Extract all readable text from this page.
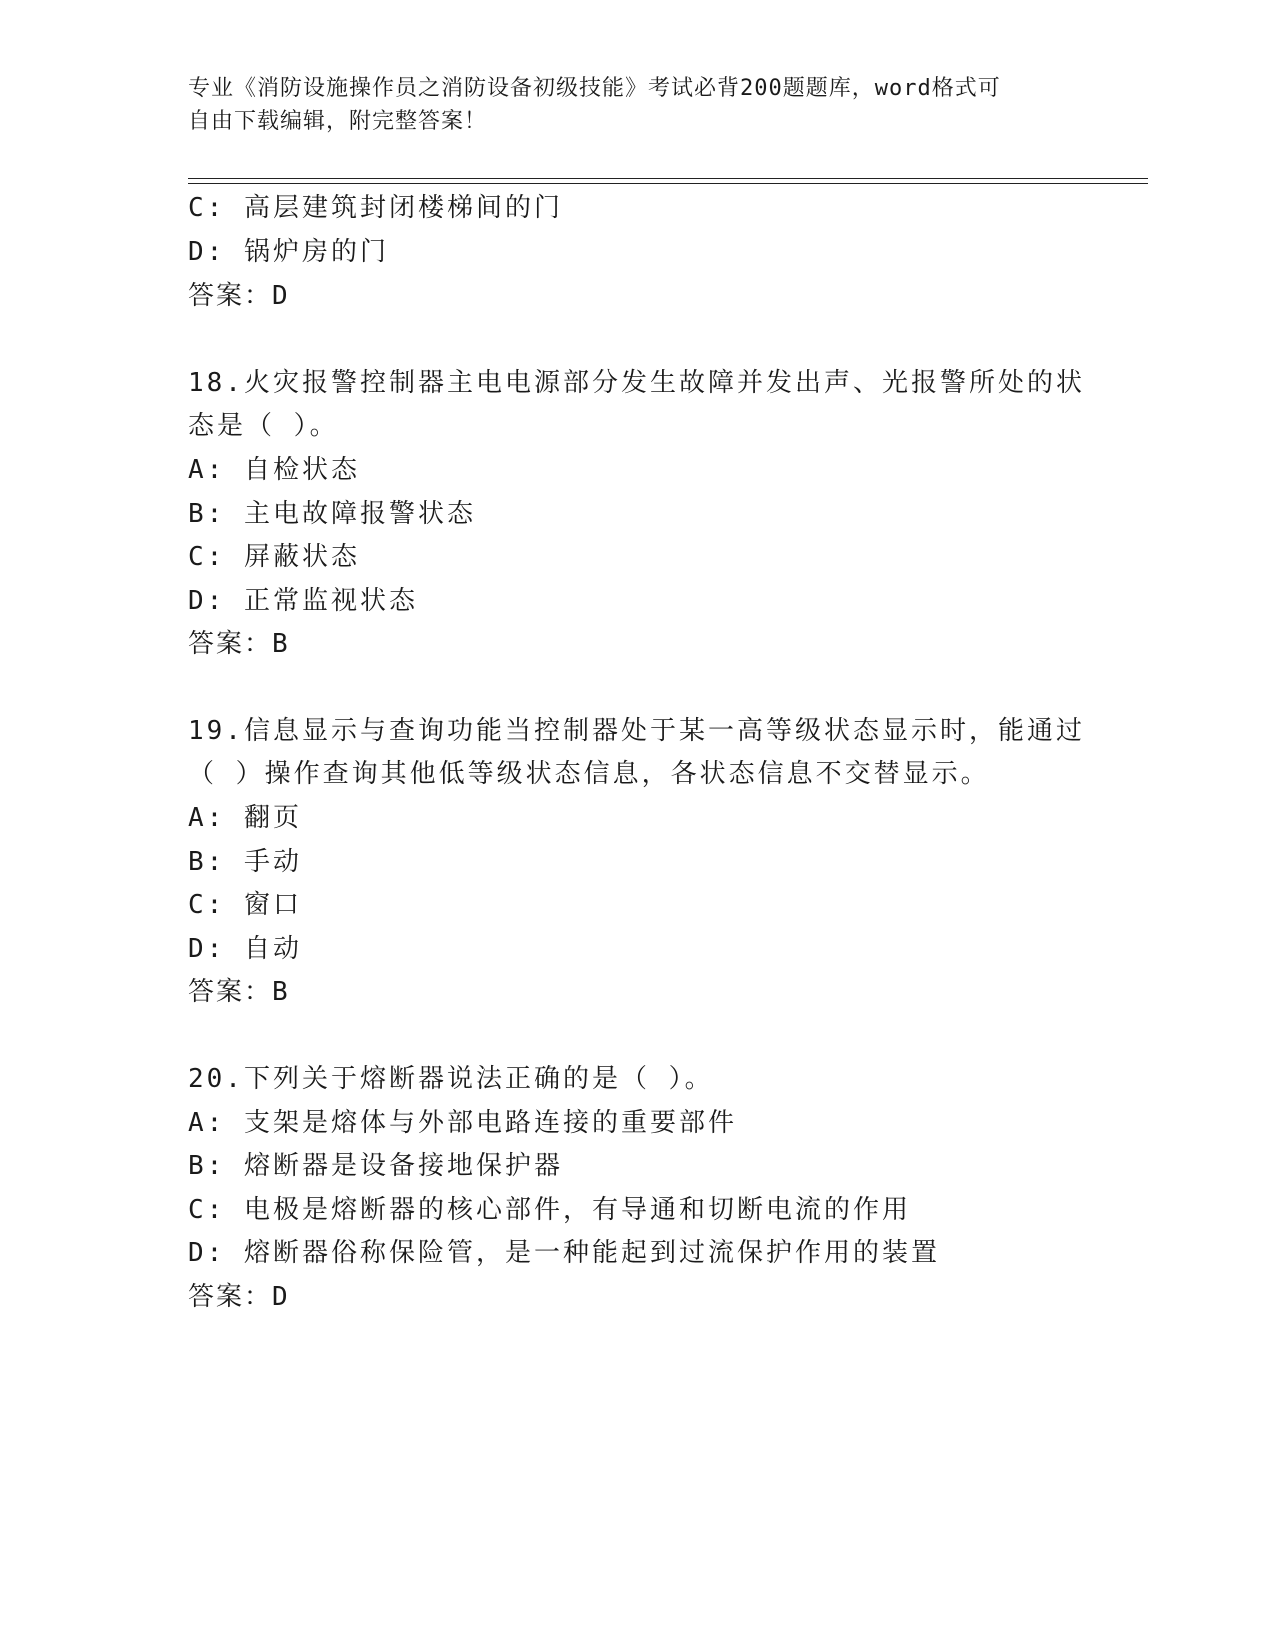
专业《消防设施操作员之消防设备初级技能》考试必背200题题库，word格式可
自由下载编辑，附完整答案！
C: 高层建筑封闭楼梯间的门
D: 锅炉房的门
答案：D
18.火灾报警控制器主电电源部分发生故障并发出声、光报警所处的状
态是（ ）。
A: 自检状态
B: 主电故障报警状态
C: 屏蔽状态
D: 正常监视状态
答案：B
19.信息显示与查询功能当控制器处于某一高等级状态显示时，能通过
（ ）操作查询其他低等级状态信息，各状态信息不交替显示。
A: 翻页
B: 手动
C: 窗口
D: 自动
答案：B
20.下列关于熔断器说法正确的是（ ）。
A: 支架是熔体与外部电路连接的重要部件
B: 熔断器是设备接地保护器
C: 电极是熔断器的核心部件，有导通和切断电流的作用
D: 熔断器俗称保险管，是一种能起到过流保护作用的装置
答案：D
